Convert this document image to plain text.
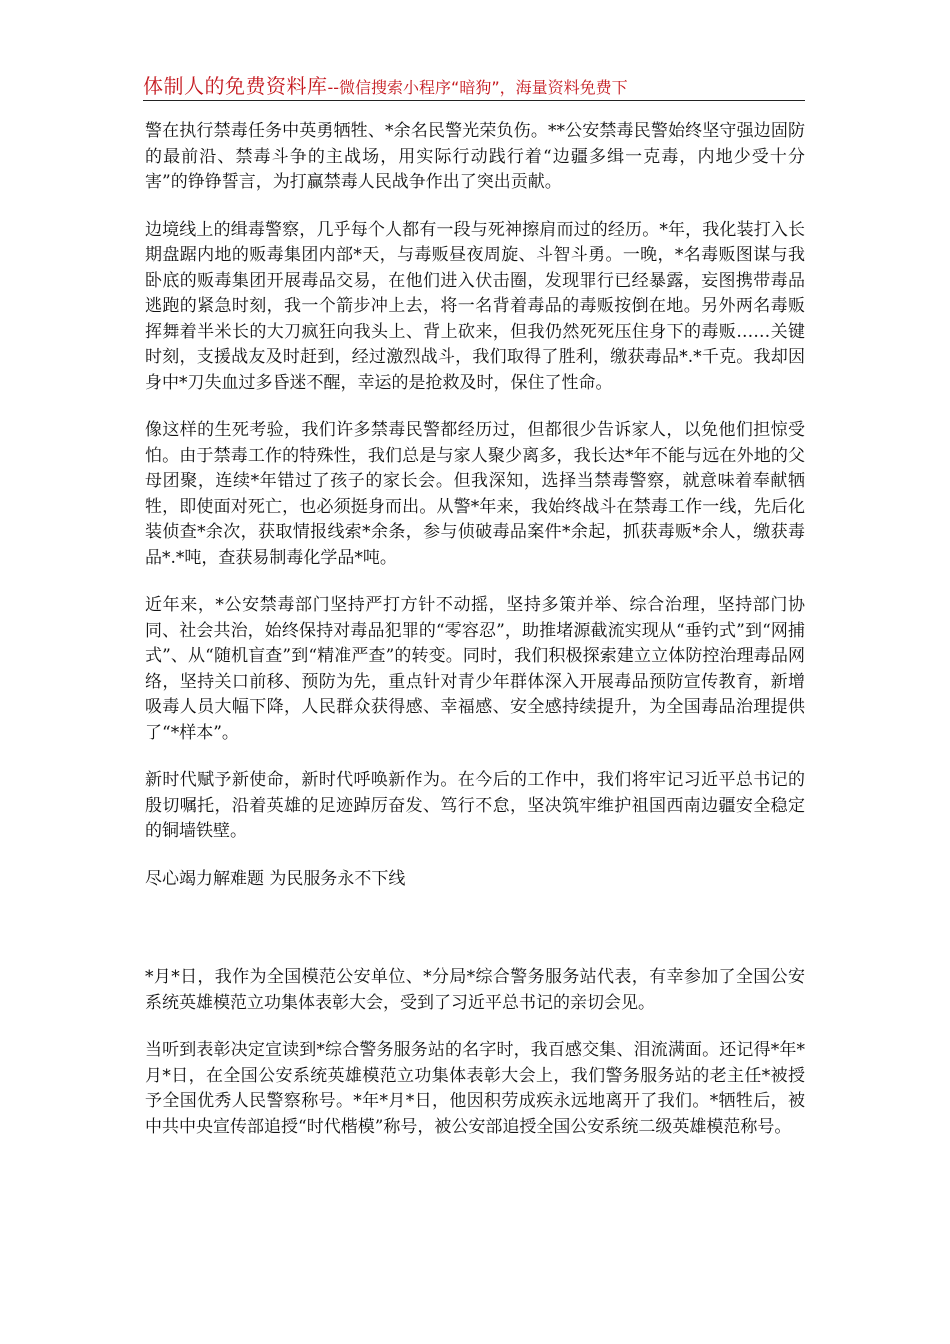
体制人的免费资料库--微信搜索小程序“暗狗”，海量资料免费下

警在执行禁毒任务中英勇牺牲、*余名民警光荣负伤。**公安禁毒民警始终坚守强边固防的最前沿、禁毒斗争的主战场，用实际行动践行着“边疆多缉一克毒，内地少受十分害”的铮铮誓言，为打赢禁毒人民战争作出了突出贡献。

边境线上的缉毒警察，几乎每个人都有一段与死神擦肩而过的经历。*年，我化装打入长期盘踞内地的贩毒集团内部*天，与毒贩昼夜周旋、斗智斗勇。一晚，*名毒贩图谋与我卧底的贩毒集团开展毒品交易，在他们进入伏击圈，发现罪行已经暴露，妄图携带毒品逃跑的紧急时刻，我一个箭步冲上去，将一名背着毒品的毒贩按倒在地。另外两名毒贩挥舞着半米长的大刀疯狂向我头上、背上砍来，但我仍然死死压住身下的毒贩……关键时刻，支援战友及时赶到，经过激烈战斗，我们取得了胜利，缴获毒品*.*千克。我却因身中*刀失血过多昏迷不醒，幸运的是抢救及时，保住了性命。

像这样的生死考验，我们许多禁毒民警都经历过，但都很少告诉家人，以免他们担惊受怕。由于禁毒工作的特殊性，我们总是与家人聚少离多，我长达*年不能与远在外地的父母团聚，连续*年错过了孩子的家长会。但我深知，选择当禁毒警察，就意味着奉献牺牲，即使面对死亡，也必须挺身而出。从警*年来，我始终战斗在禁毒工作一线，先后化装侦查*余次，获取情报线索*余条，参与侦破毒品案件*余起，抓获毒贩*余人，缴获毒品*.*吨，查获易制毒化学品*吨。

近年来，*公安禁毒部门坚持严打方针不动摇，坚持多策并举、综合治理，坚持部门协同、社会共治，始终保持对毒品犯罪的“零容忍”，助推堵源截流实现从“垂钓式”到“网捕式”、从“随机盲查”到“精准严查”的转变。同时，我们积极探索建立立体防控治理毒品网络，坚持关口前移、预防为先，重点针对青少年群体深入开展毒品预防宣传教育，新增吸毒人员大幅下降，人民群众获得感、幸福感、安全感持续提升，为全国毒品治理提供了“*样本”。

新时代赋予新使命，新时代呼唤新作为。在今后的工作中，我们将牢记习近平总书记的殷切嘱托，沿着英雄的足迹踔厉奋发、笃行不怠，坚决筑牢维护祖国西南边疆安全稳定的铜墙铁壁。

尽心竭力解难题 为民服务永不下线

*月*日，我作为全国模范公安单位、*分局*综合警务服务站代表，有幸参加了全国公安系统英雄模范立功集体表彰大会，受到了习近平总书记的亲切会见。

当听到表彰决定宣读到*综合警务服务站的名字时，我百感交集、泪流满面。还记得*年*月*日，在全国公安系统英雄模范立功集体表彰大会上，我们警务服务站的老主任*被授予全国优秀人民警察称号。*年*月*日，他因积劳成疾永远地离开了我们。*牺牲后，被中共中央宣传部追授“时代楷模”称号，被公安部追授全国公安系统二级英雄模范称号。
